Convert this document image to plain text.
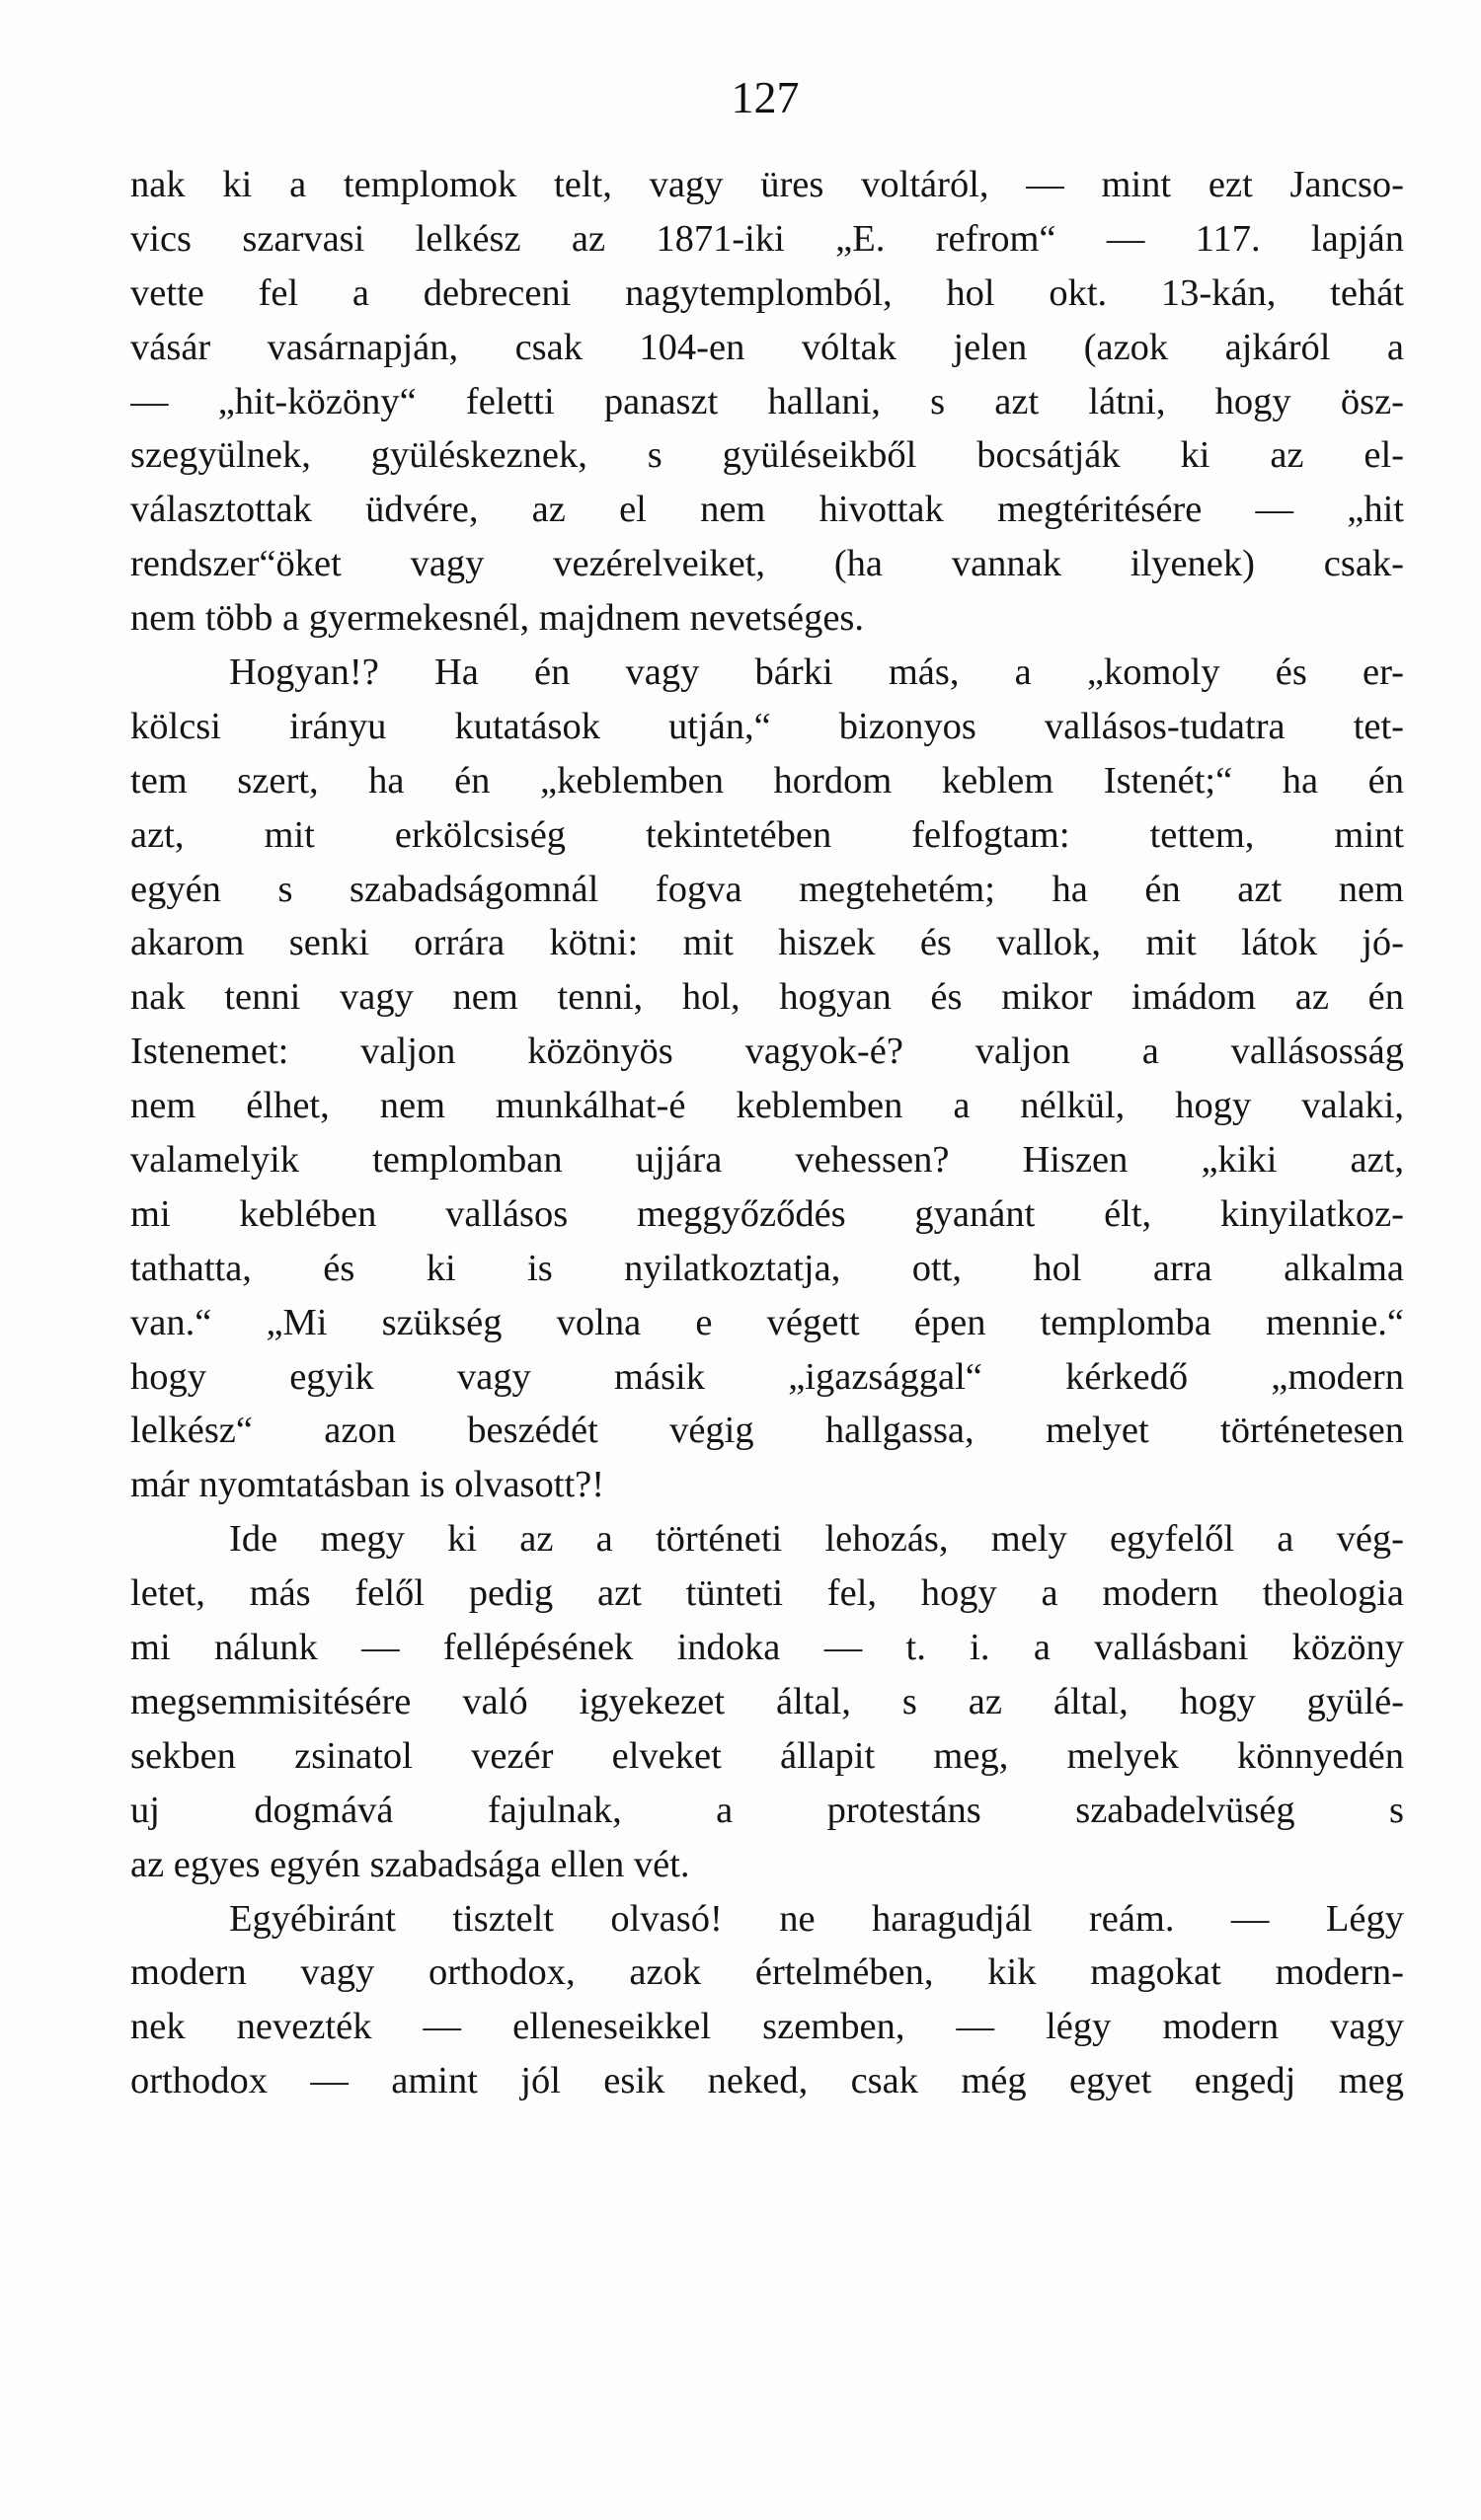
127
nak ki a templomok telt, vagy üres voltáról, — mint ezt Jancso-
vics szarvasi lelkész az 1871-iki „E. refrom“ — 117. lapján
vette fel a debreceni nagytemplomból, hol okt. 13-kán, tehát
vásár vasárnapján, csak 104-en vóltak jelen (azok ajkáról a
— „hit-közöny“ feletti panaszt hallani, s azt látni, hogy ösz-
szegyülnek, gyüléskeznek, s gyüléseikből bocsátják ki az el-
választottak üdvére, az el nem hivottak megtéritésére — „hit
rendszer“öket vagy vezérelveiket, (ha vannak ilyenek) csak-
nem több a gyermekesnél, majdnem nevetséges.
Hogyan!? Ha én vagy bárki más, a „komoly és er-
kölcsi irányu kutatások utján,“ bizonyos vallásos-tudatra tet-
tem szert, ha én „keblemben hordom keblem Istenét;“ ha én
azt, mit erkölcsiség tekintetében felfogtam: tettem, mint
egyén s szabadságomnál fogva megtehetém; ha én azt nem
akarom senki orrára kötni: mit hiszek és vallok, mit látok jó-
nak tenni vagy nem tenni, hol, hogyan és mikor imádom az én
Istenemet: valjon közönyös vagyok-é? valjon a vallásosság
nem élhet, nem munkálhat-é keblemben a nélkül, hogy valaki,
valamelyik templomban ujjára vehessen? Hiszen „kiki azt,
mi keblében vallásos meggyőződés gyanánt élt, kinyilatkoz-
tathatta, és ki is nyilatkoztatja, ott, hol arra alkalma
van.“ „Mi szükség volna e végett épen templomba mennie.“
hogy egyik vagy másik „igazsággal“ kérkedő „modern
lelkész“ azon beszédét végig hallgassa, melyet történetesen
már nyomtatásban is olvasott?!
Ide megy ki az a történeti lehozás, mely egyfelől a vég-
letet, más felől pedig azt tünteti fel, hogy a modern theologia
mi nálunk — fellépésének indoka — t. i. a vallásbani közöny
megsemmisitésére való igyekezet által, s az által, hogy gyülé-
sekben zsinatol vezér elveket állapit meg, melyek könnyedén
uj dogmává fajulnak, a protestáns szabadelvüség s
az egyes egyén szabadsága ellen vét.
Egyébiránt tisztelt olvasó! ne haragudjál reám. — Légy
modern vagy orthodox, azok értelmében, kik magokat modern-
nek nevezték — elleneseikkel szemben, — légy modern vagy
orthodox — amint jól esik neked, csak még egyet engedj meg
